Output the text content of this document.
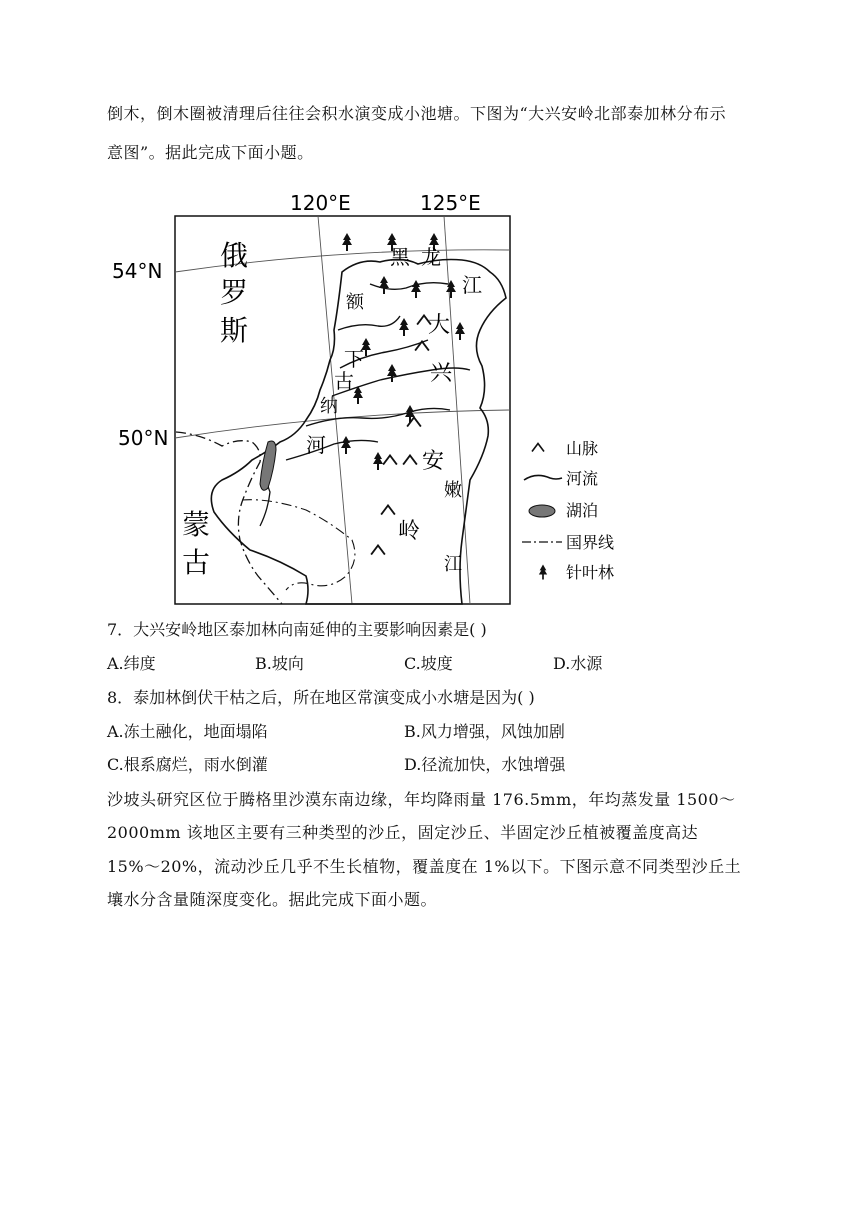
倒木，倒木圈被清理后往往会积水演变成小池塘。下图为“大兴安岭北部泰加林分布示

意图”。据此完成下面小题。

120°E	125°E
54°N
50°N
俄
罗
斯
蒙
古
黑 龙
江
额
下
古
纳
河
大
兴
安
岭
嫩
江
山脉
河流
湖泊
国界线
针叶林

7．大兴安岭地区泰加林向南延伸的主要影响因素是( )

A.纬度	B.坡向	C.坡度	D.水源

8．泰加林倒伏干枯之后，所在地区常演变成小水塘是因为( )

A.冻土融化，地面塌陷	B.风力增强，风蚀加剧
C.根系腐烂，雨水倒灌	D.径流加快，水蚀增强

沙坡头研究区位于腾格里沙漠东南边缘，年均降雨量 176.5mm，年均蒸发量 1500～

2000mm 该地区主要有三种类型的沙丘，固定沙丘、半固定沙丘植被覆盖度高达

15%～20%，流动沙丘几乎不生长植物，覆盖度在 1%以下。下图示意不同类型沙丘土

壤水分含量随深度变化。据此完成下面小题。
